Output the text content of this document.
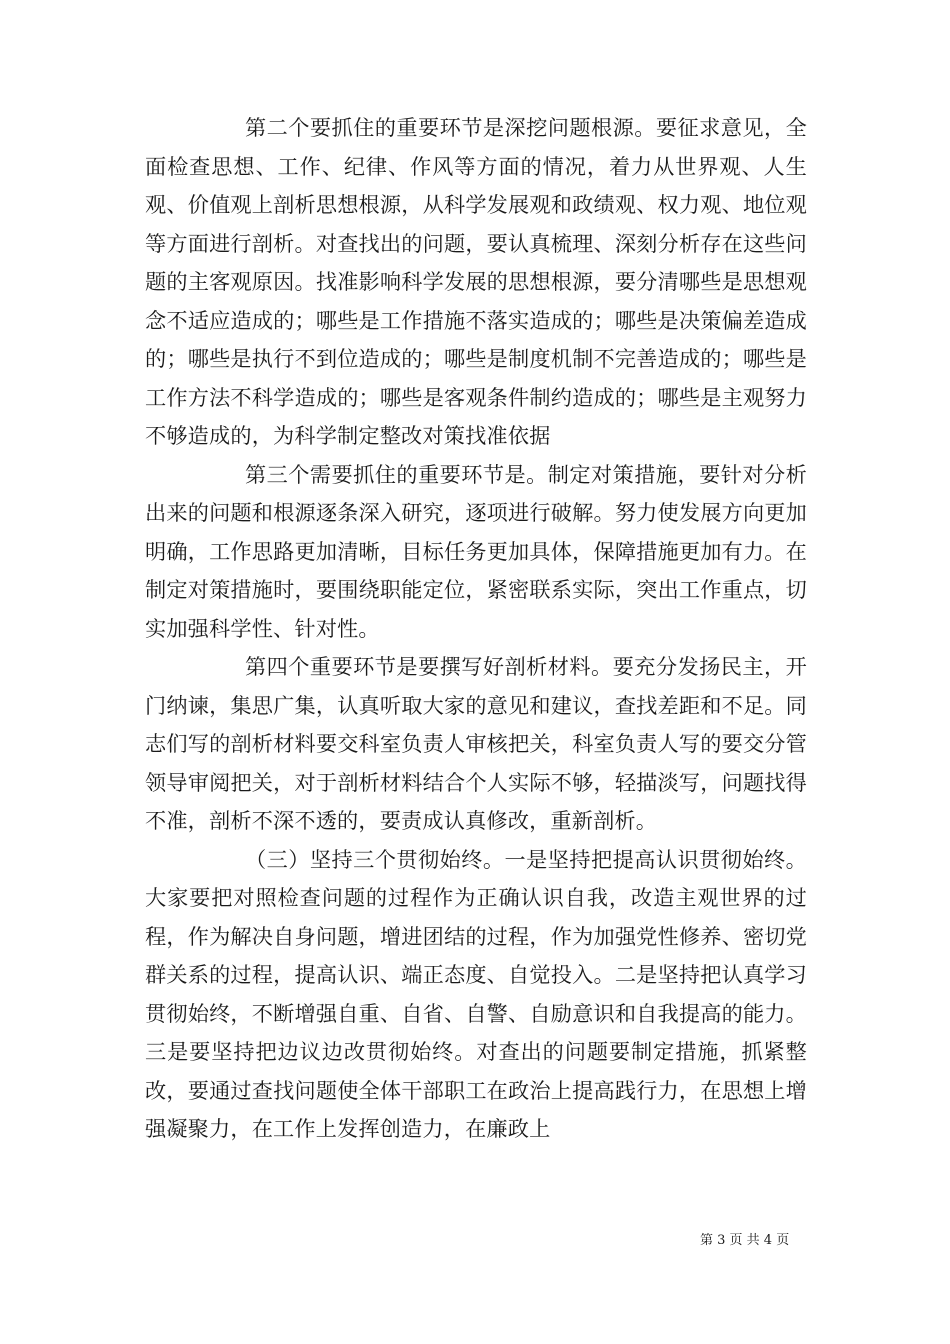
第二个要抓住的重要环节是深挖问题根源。要征求意见，全面检查思想、工作、纪律、作风等方面的情况，着力从世界观、人生观、价值观上剖析思想根源，从科学发展观和政绩观、权力观、地位观等方面进行剖析。对查找出的问题，要认真梳理、深刻分析存在这些问题的主客观原因。找准影响科学发展的思想根源，要分清哪些是思想观念不适应造成的；哪些是工作措施不落实造成的；哪些是决策偏差造成的；哪些是执行不到位造成的；哪些是制度机制不完善造成的；哪些是工作方法不科学造成的；哪些是客观条件制约造成的；哪些是主观努力不够造成的，为科学制定整改对策找准依据

第三个需要抓住的重要环节是。制定对策措施，要针对分析出来的问题和根源逐条深入研究，逐项进行破解。努力使发展方向更加明确，工作思路更加清晰，目标任务更加具体，保障措施更加有力。在制定对策措施时，要围绕职能定位，紧密联系实际，突出工作重点，切实加强科学性、针对性。

第四个重要环节是要撰写好剖析材料。要充分发扬民主，开门纳谏，集思广集，认真听取大家的意见和建议，查找差距和不足。同志们写的剖析材料要交科室负责人审核把关，科室负责人写的要交分管领导审阅把关，对于剖析材料结合个人实际不够，轻描淡写，问题找得不准，剖析不深不透的，要责成认真修改，重新剖析。

（三）坚持三个贯彻始终。一是坚持把提高认识贯彻始终。大家要把对照检查问题的过程作为正确认识自我，改造主观世界的过程，作为解决自身问题，增进团结的过程，作为加强党性修养、密切党群关系的过程，提高认识、端正态度、自觉投入。二是坚持把认真学习贯彻始终，不断增强自重、自省、自警、自励意识和自我提高的能力。三是要坚持把边议边改贯彻始终。对查出的问题要制定措施，抓紧整改，要通过查找问题使全体干部职工在政治上提高践行力，在思想上增强凝聚力，在工作上发挥创造力，在廉政上

第 3 页 共 4 页
